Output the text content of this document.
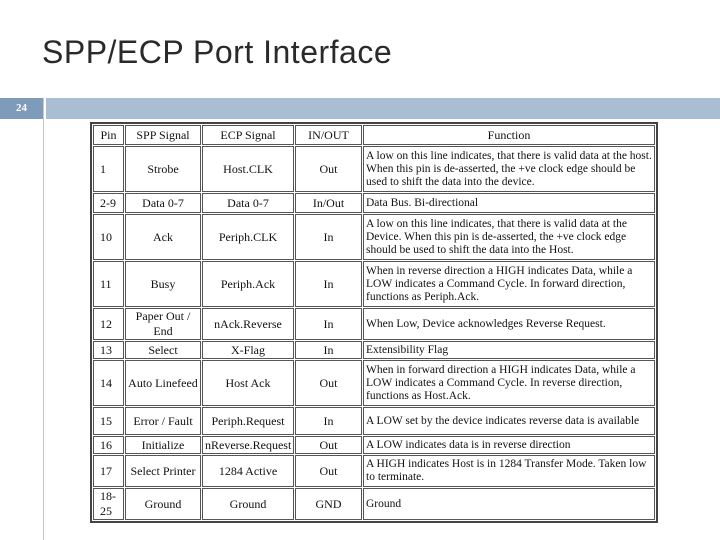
SPP/ECP Port Interface
24
Pin	SPP Signal	ECP Signal	IN/OUT	Function
1	Strobe	Host.CLK	Out	A low on this line indicates, that there is valid data at the host. When this pin is de-asserted, the +ve clock edge should be used to shift the data into the device.
2-9	Data 0-7	Data 0-7	In/Out	Data Bus. Bi-directional
10	Ack	Periph.CLK	In	A low on this line indicates, that there is valid data at the Device. When this pin is de-asserted, the +ve clock edge should be used to shift the data into the Host.
11	Busy	Periph.Ack	In	When in reverse direction a HIGH indicates Data, while a LOW indicates a Command Cycle. In forward direction, functions as Periph.Ack.
12	Paper Out / End	nAck.Reverse	In	When Low, Device acknowledges Reverse Request.
13	Select	X-Flag	In	Extensibility Flag
14	Auto Linefeed	Host Ack	Out	When in forward direction a HIGH indicates Data, while a LOW indicates a Command Cycle. In reverse direction, functions as Host.Ack.
15	Error / Fault	Periph.Request	In	A LOW set by the device indicates reverse data is available
16	Initialize	nReverse.Request	Out	A LOW indicates data is in reverse direction
17	Select Printer	1284 Active	Out	A HIGH indicates Host is in 1284 Transfer Mode. Taken low to terminate.
18-25	Ground	Ground	GND	Ground
